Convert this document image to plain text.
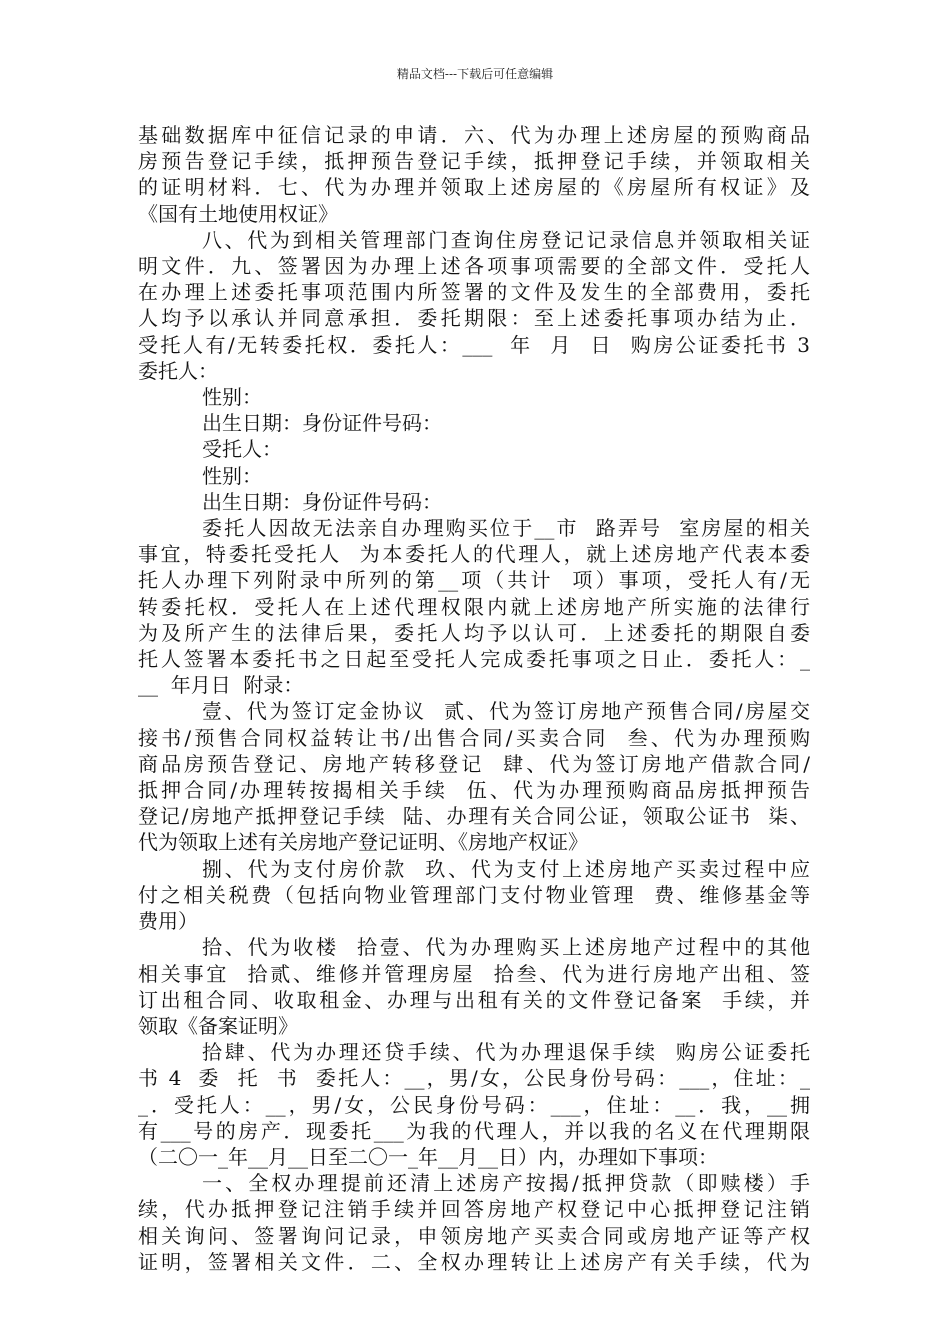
精品文档---下载后可任意编辑
基础数据库中征信记录的申请．六、代为办理上述房屋的预购商品
房预告登记手续，抵押预告登记手续，抵押登记手续，并领取相关
的证明材料．七、代为办理并领取上述房屋的《房屋所有权证》及
《国有土地使用权证》
八、代为到相关管理部门查询住房登记记录信息并领取相关证
明文件．九、签署因为办理上述各项事项需要的全部文件．受托人
在办理上述委托事项范围内所签署的文件及发生的全部费用，委托
人均予以承认并同意承担．委托期限：至上述委托事项办结为止．
受托人有/无转委托权．委托人：___  年  月  日  购房公证委托书 3
委托人：
性别：
出生日期：身份证件号码：
受托人：
性别：
出生日期：身份证件号码：
委托人因故无法亲自办理购买位于__市  路弄号  室房屋的相关
事宜，特委托受托人  为本委托人的代理人，就上述房地产代表本委
托人办理下列附录中所列的第__项（共计  项）事项，受托人有/无
转委托权．受托人在上述代理权限内就上述房地产所实施的法律行
为及所产生的法律后果，委托人均予以认可．上述委托的期限自委
托人签署本委托书之日起至受托人完成委托事项之日止．委托人：_
__  年月日  附录：
壹、代为签订定金协议  贰、代为签订房地产预售合同/房屋交
接书/预售合同权益转让书/出售合同/买卖合同  叁、代为办理预购
商品房预告登记、房地产转移登记  肆、代为签订房地产借款合同/
抵押合同/办理转按揭相关手续  伍、代为办理预购商品房抵押预告
登记/房地产抵押登记手续  陆、办理有关合同公证，领取公证书  柒、
代为领取上述有关房地产登记证明、《房地产权证》
捌、代为支付房价款  玖、代为支付上述房地产买卖过程中应
付之相关税费（包括向物业管理部门支付物业管理  费、维修基金等
费用）
拾、代为收楼  拾壹、代为办理购买上述房地产过程中的其他
相关事宜  拾贰、维修并管理房屋  拾叁、代为进行房地产出租、签
订出租合同、收取租金、办理与出租有关的文件登记备案  手续，并
领取《备案证明》
拾肆、代为办理还贷手续、代为办理退保手续  购房公证委托
书 4  委  托  书  委托人：__，男/女，公民身份号码：___，住址：_
_．受托人：__，男/女，公民身份号码：___，住址：__．我，__拥
有___号的房产．现委托___为我的代理人，并以我的名义在代理期限
（二〇一_年__月__日至二〇一_年__月__日）内，办理如下事项：
一、全权办理提前还清上述房产按揭/抵押贷款（即赎楼）手
续，代办抵押登记注销手续并回答房地产权登记中心抵押登记注销
相关询问、签署询问记录，申领房地产买卖合同或房地产证等产权
证明，签署相关文件．二、全权办理转让上述房产有关手续，代为
